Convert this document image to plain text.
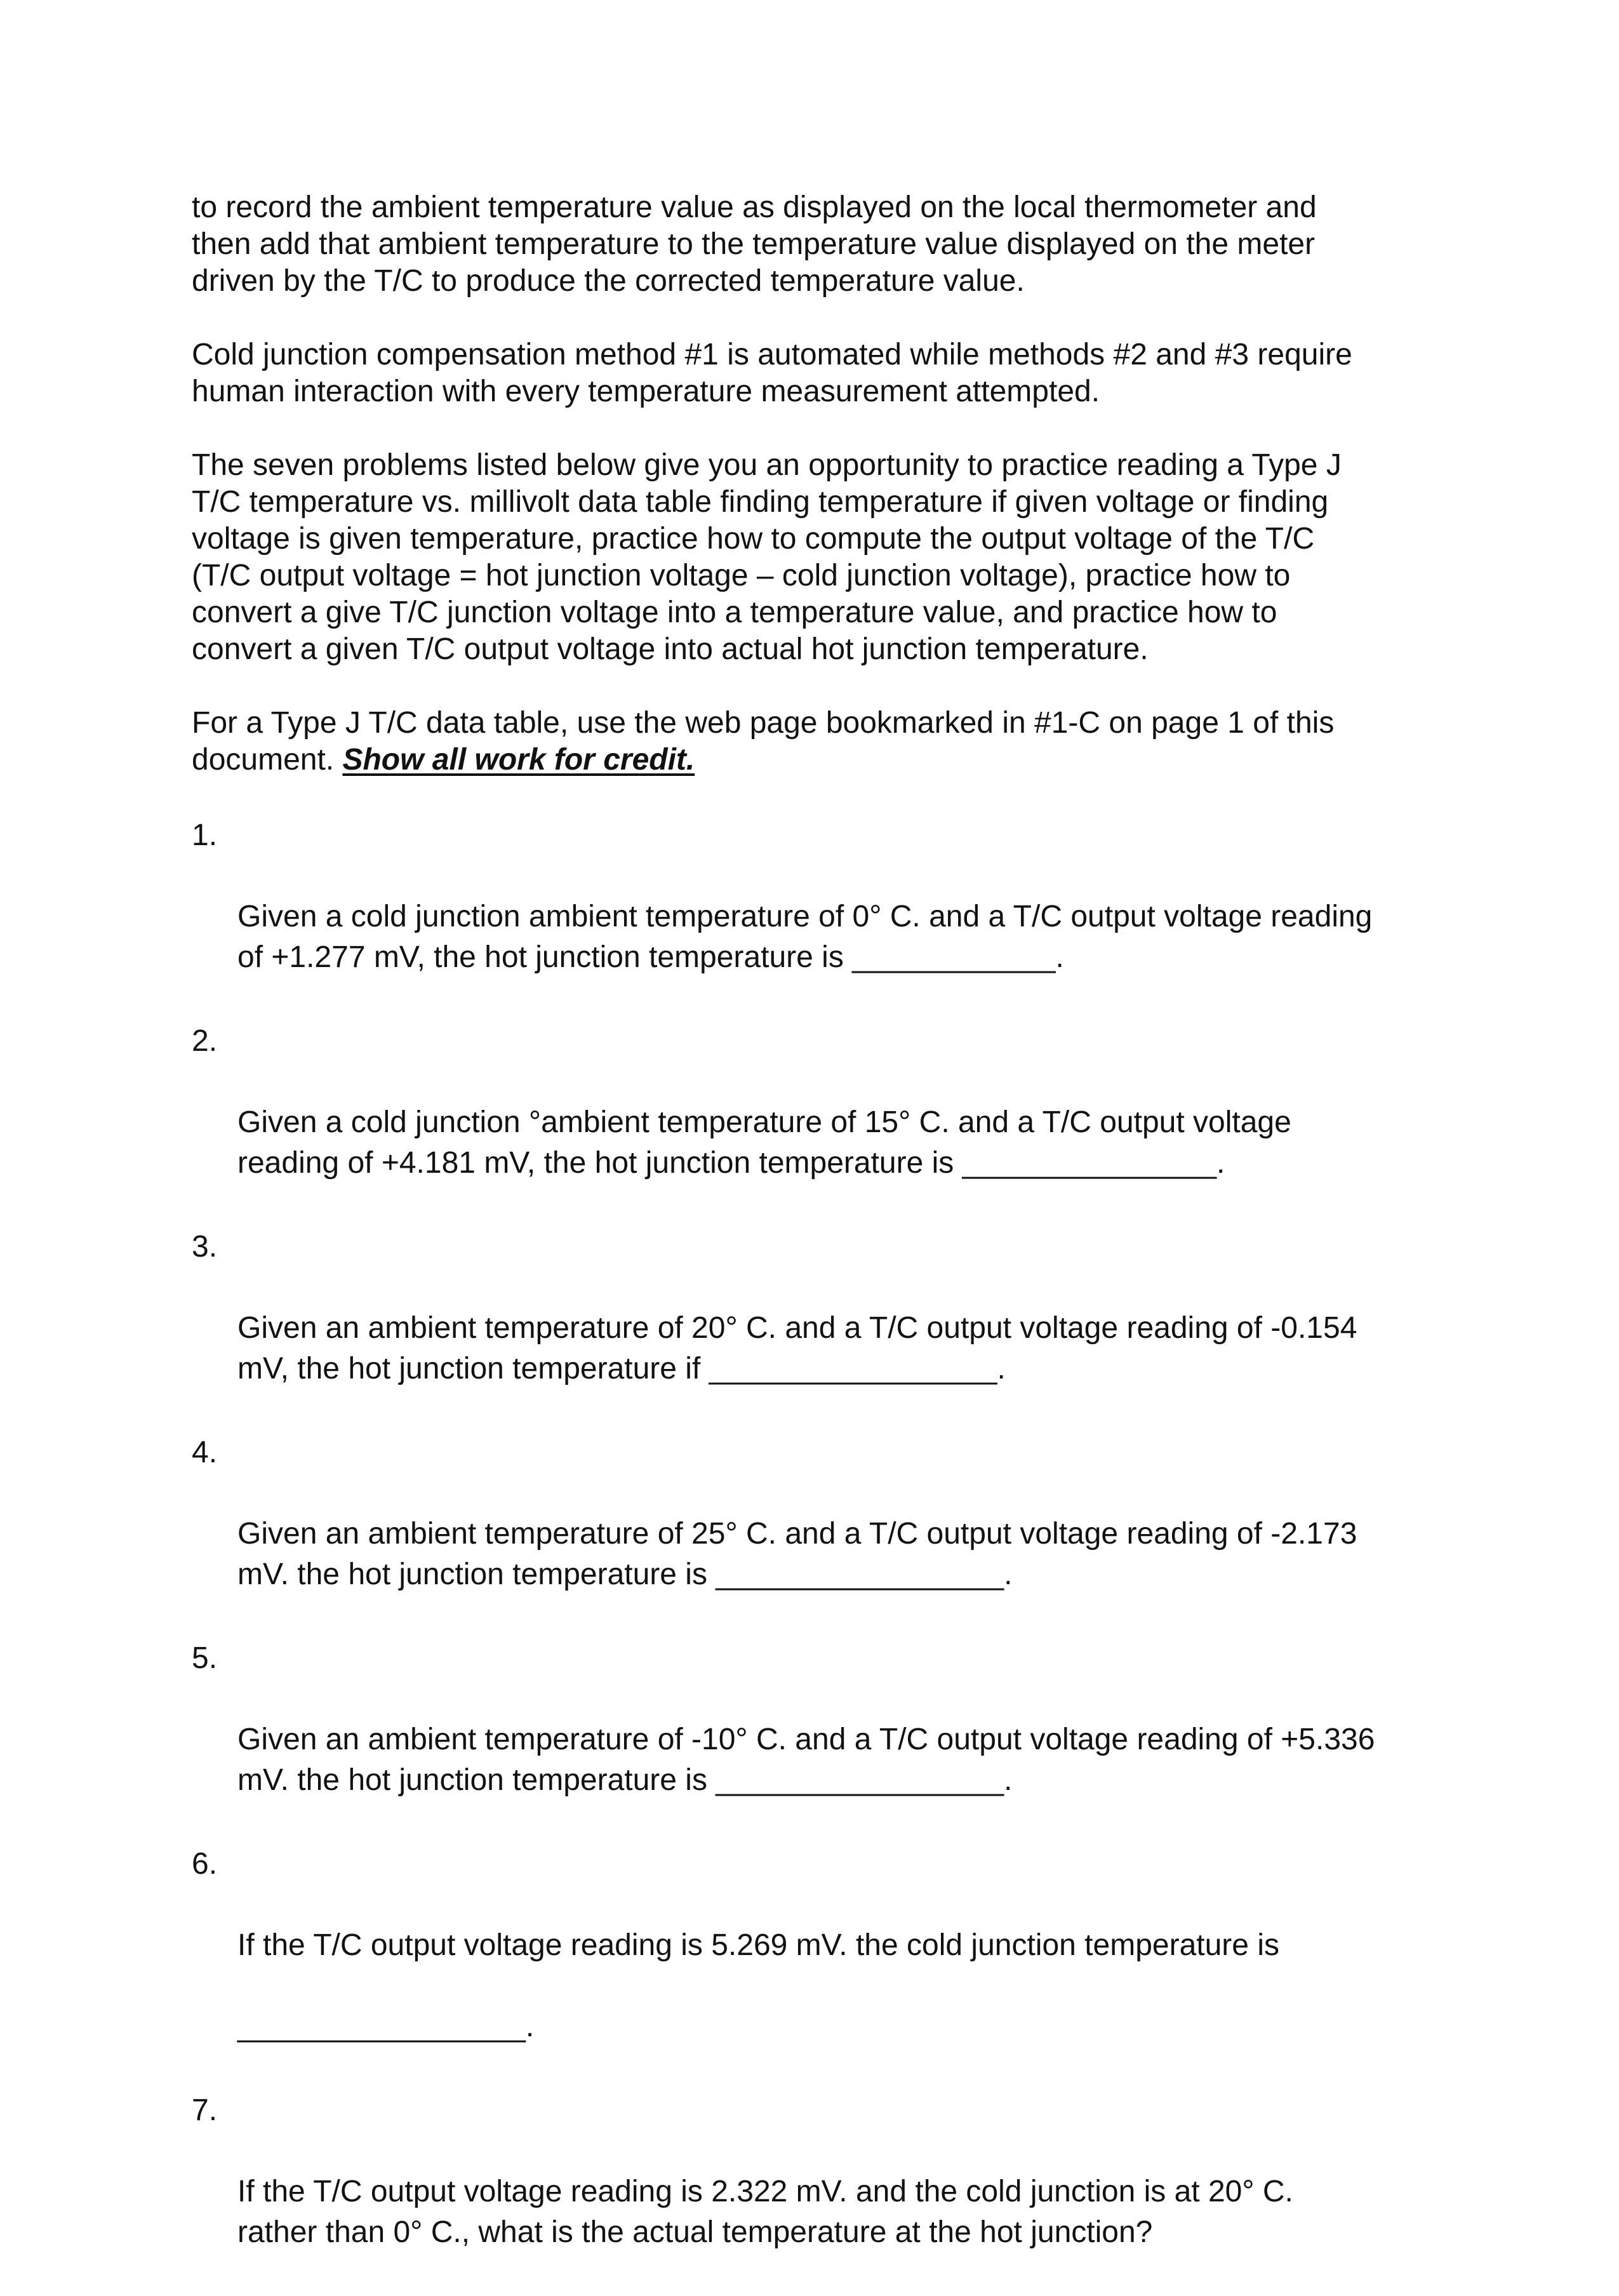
to record the ambient temperature value as displayed on the local thermometer and
then add that ambient temperature to the temperature value displayed on the meter
driven by the T/C to produce the corrected temperature value.

Cold junction compensation method #1 is automated while methods #2 and #3 require
human interaction with every temperature measurement attempted.

The seven problems listed below give you an opportunity to practice reading a Type J
T/C temperature vs. millivolt data table finding temperature if given voltage or finding
voltage is given temperature, practice how to compute the output voltage of the T/C
(T/C output voltage = hot junction voltage – cold junction voltage), practice how to
convert a give T/C junction voltage into a temperature value, and practice how to
convert a given T/C output voltage into actual hot junction temperature.

For a Type J T/C data table, use the web page bookmarked in #1-C on page 1 of this
document. Show all work for credit.

1.

Given a cold junction ambient temperature of 0° C. and a T/C output voltage reading
of +1.277 mV, the hot junction temperature is ____________.

2.

Given a cold junction °ambient temperature of 15° C. and a T/C output voltage
reading of +4.181 mV, the hot junction temperature is _______________.

3.

Given an ambient temperature of 20° C. and a T/C output voltage reading of -0.154
mV, the hot junction temperature if _________________.

4.

Given an ambient temperature of 25° C. and a T/C output voltage reading of -2.173
mV. the hot junction temperature is _________________.

5.

Given an ambient temperature of -10° C. and a T/C output voltage reading of +5.336
mV. the hot junction temperature is _________________.

6.

If the T/C output voltage reading is 5.269 mV. the cold junction temperature is

_________________.

7.

If the T/C output voltage reading is 2.322 mV. and the cold junction is at 20° C.
rather than 0° C., what is the actual temperature at the hot junction?
